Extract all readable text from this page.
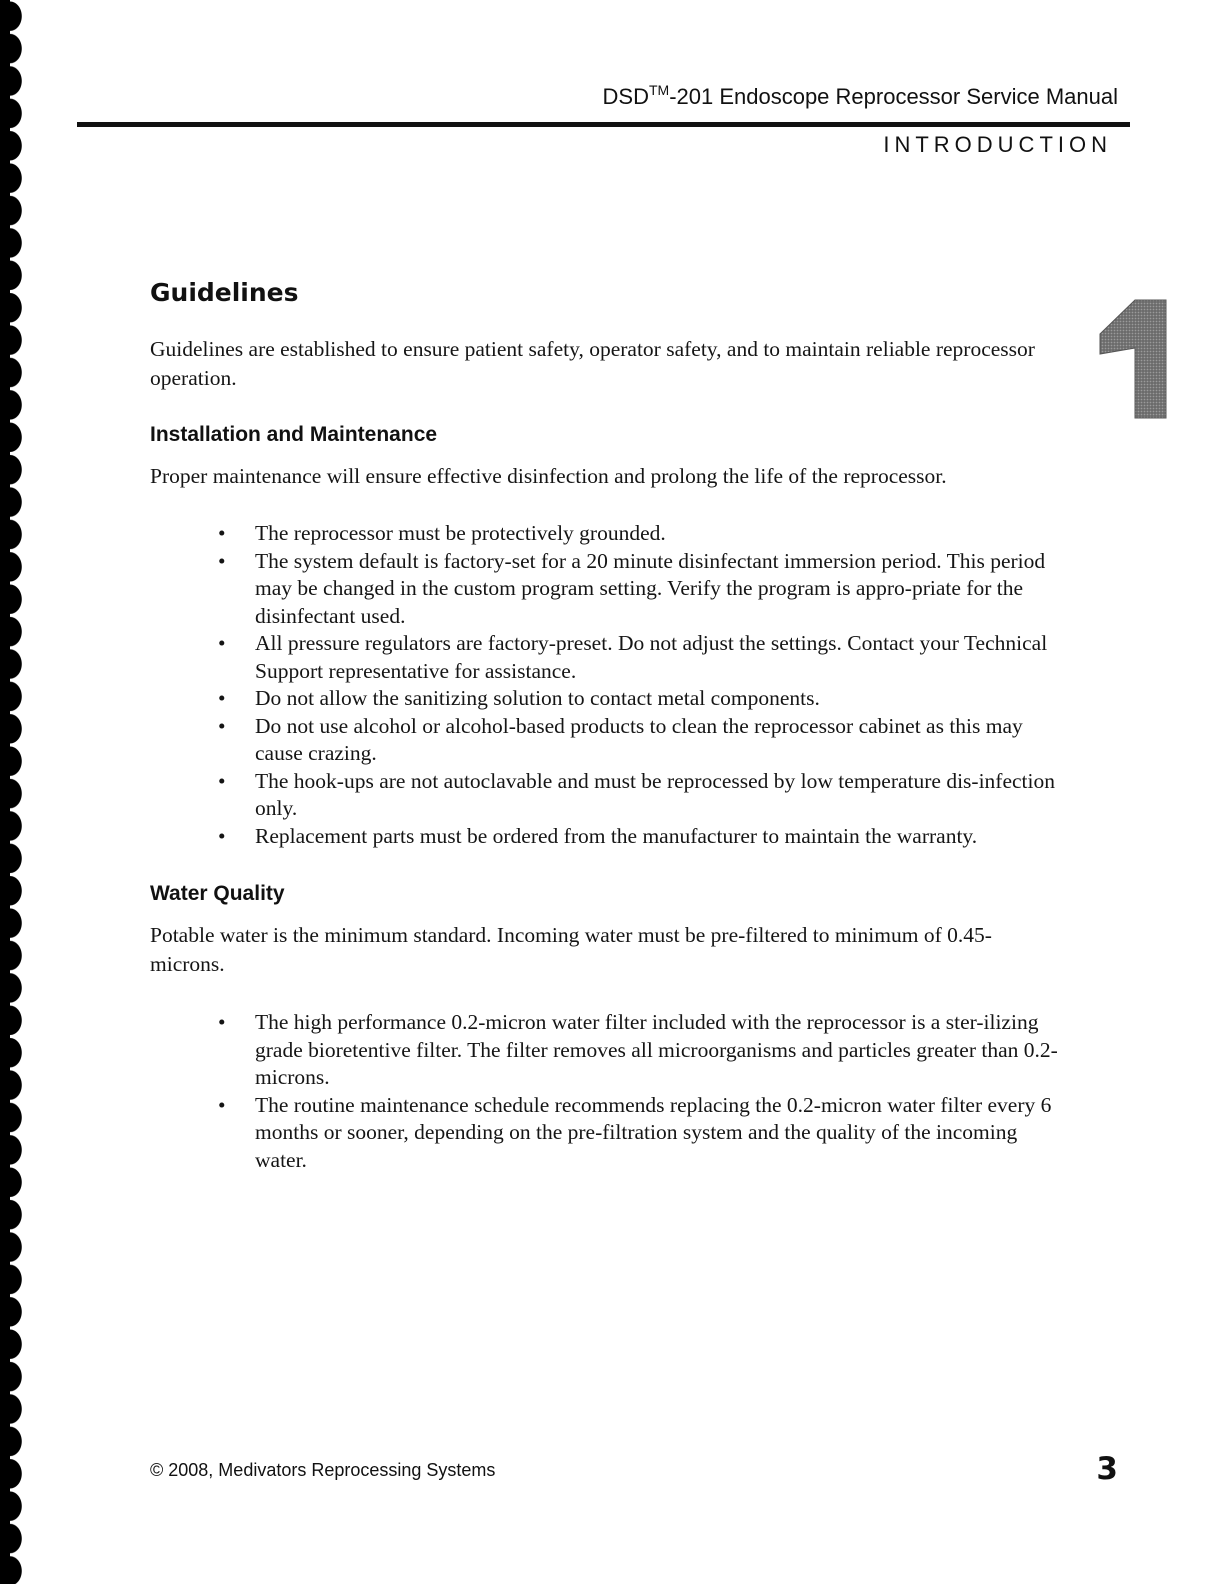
DSD™-201 Endoscope Reprocessor Service Manual
INTRODUCTION
Guidelines

Guidelines are established to ensure patient safety, operator safety, and to maintain reliable reprocessor operation.

Installation and Maintenance

Proper maintenance will ensure effective disinfection and prolong the life of the reprocessor.

• The reprocessor must be protectively grounded.
• The system default is factory-set for a 20 minute disinfectant immersion period. This period may be changed in the custom program setting. Verify the program is appro-priate for the disinfectant used.
• All pressure regulators are factory-preset. Do not adjust the settings. Contact your Technical Support representative for assistance.
• Do not allow the sanitizing solution to contact metal components.
• Do not use alcohol or alcohol-based products to clean the reprocessor cabinet as this may cause crazing.
• The hook-ups are not autoclavable and must be reprocessed by low temperature dis-infection only.
• Replacement parts must be ordered from the manufacturer to maintain the warranty.
Water Quality

Potable water is the minimum standard. Incoming water must be pre-filtered to minimum of 0.45-microns.

• The high performance 0.2-micron water filter included with the reprocessor is a ster-ilizing grade bioretentive filter. The filter removes all microorganisms and particles greater than 0.2-microns.
• The routine maintenance schedule recommends replacing the 0.2-micron water filter every 6 months or sooner, depending on the pre-filtration system and the quality of the incoming water.
© 2008, Medivators Reprocessing Systems	3
